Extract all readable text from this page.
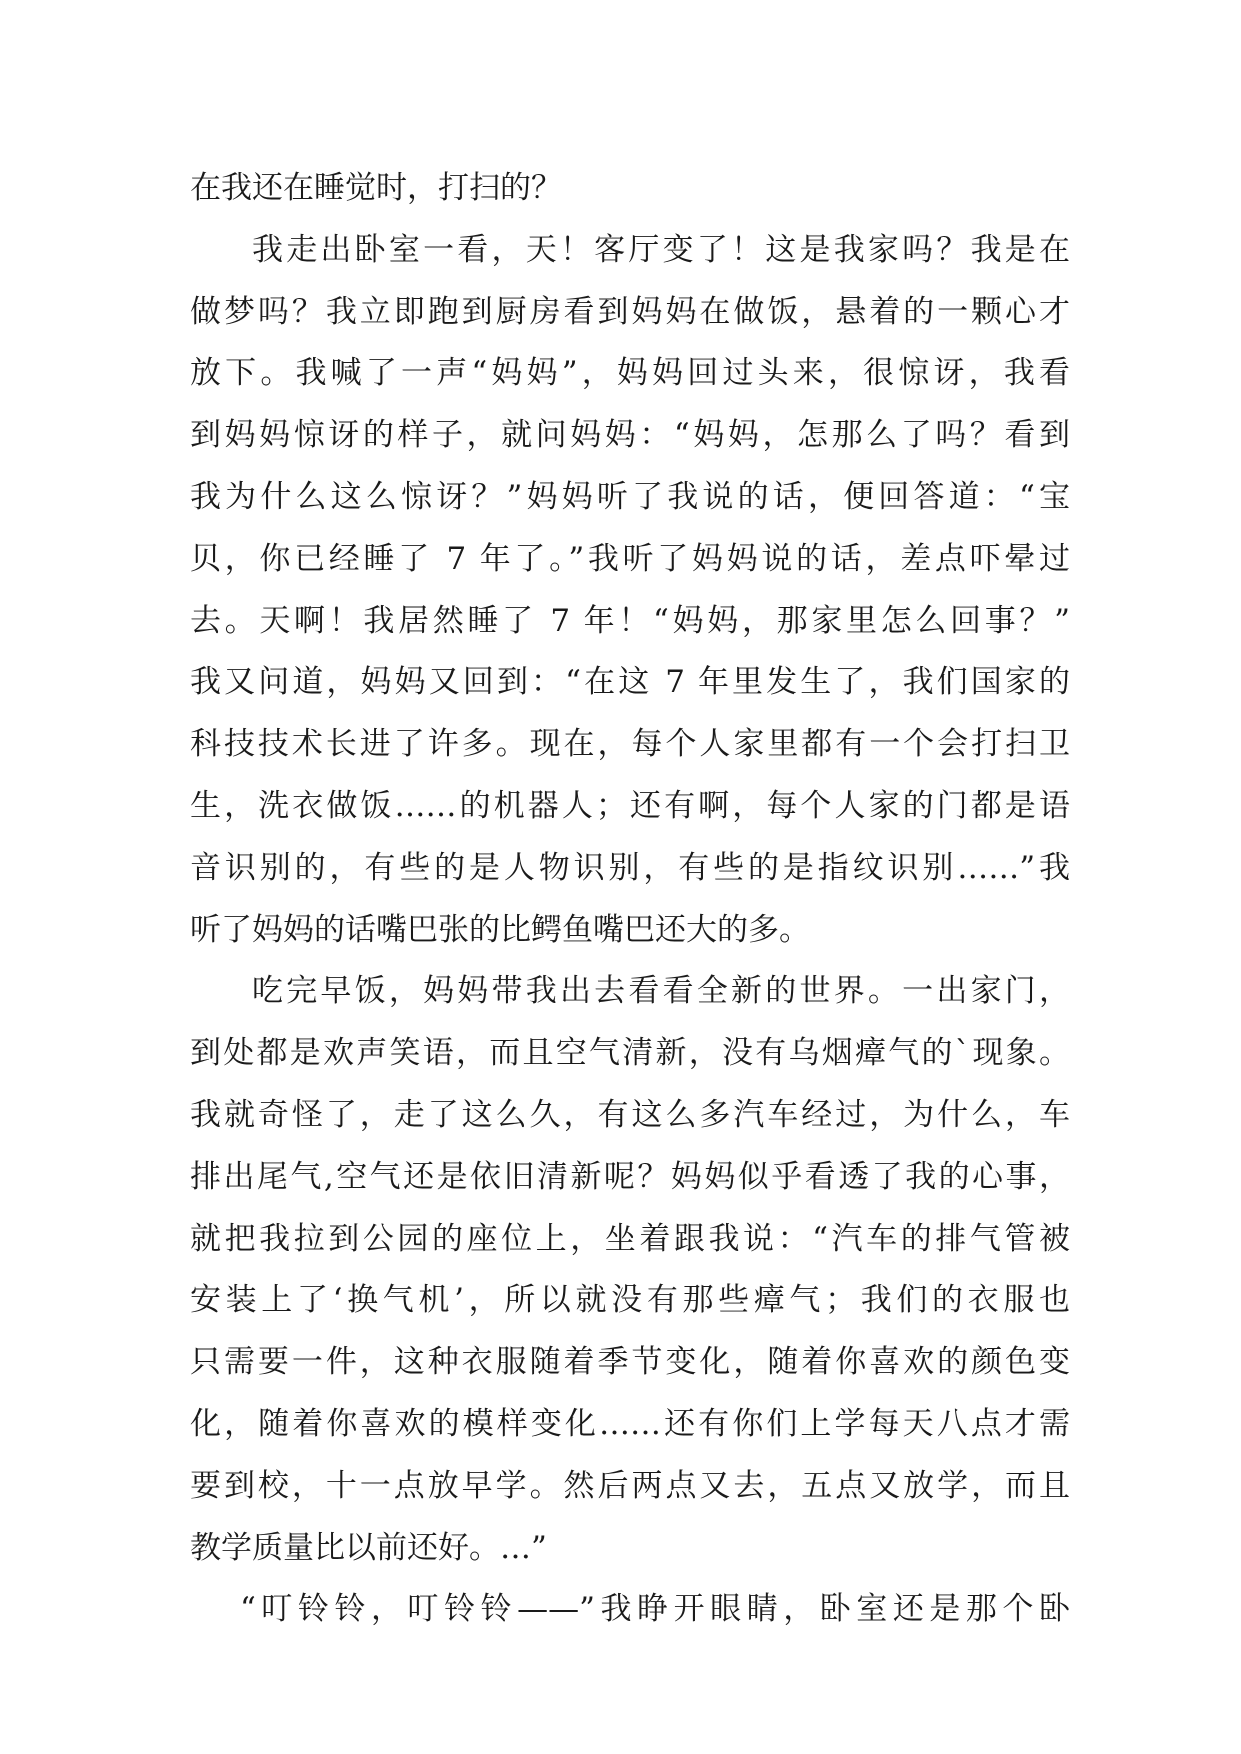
在我还在睡觉时，打扫的？
我走出卧室一看，天！客厅变了！这是我家吗？我是在
做梦吗？我立即跑到厨房看到妈妈在做饭，悬着的一颗心才
放下。我喊了一声“妈妈”，妈妈回过头来，很惊讶，我看
到妈妈惊讶的样子，就问妈妈：“妈妈，怎那么了吗？看到
我为什么这么惊讶？”妈妈听了我说的话，便回答道：“宝
贝，你已经睡了 7 年了。”我听了妈妈说的话，差点吓晕过
去。天啊！我居然睡了 7 年！“妈妈，那家里怎么回事？”
我又问道，妈妈又回到：“在这 7 年里发生了，我们国家的
科技技术长进了许多。现在，每个人家里都有一个会打扫卫
生，洗衣做饭……的机器人；还有啊，每个人家的门都是语
音识别的，有些的是人物识别，有些的是指纹识别……”我
听了妈妈的话嘴巴张的比鳄鱼嘴巴还大的多。
吃完早饭，妈妈带我出去看看全新的世界。一出家门，
到处都是欢声笑语，而且空气清新，没有乌烟瘴气的`现象。
我就奇怪了，走了这么久，有这么多汽车经过，为什么，车
排出尾气,空气还是依旧清新呢？妈妈似乎看透了我的心事，
就把我拉到公园的座位上，坐着跟我说：“汽车的排气管被
安装上了‘换气机’，所以就没有那些瘴气；我们的衣服也
只需要一件，这种衣服随着季节变化，随着你喜欢的颜色变
化，随着你喜欢的模样变化……还有你们上学每天八点才需
要到校，十一点放早学。然后两点又去，五点又放学，而且
教学质量比以前还好。…”
“叮铃铃，叮铃铃——”我睁开眼睛，卧室还是那个卧
